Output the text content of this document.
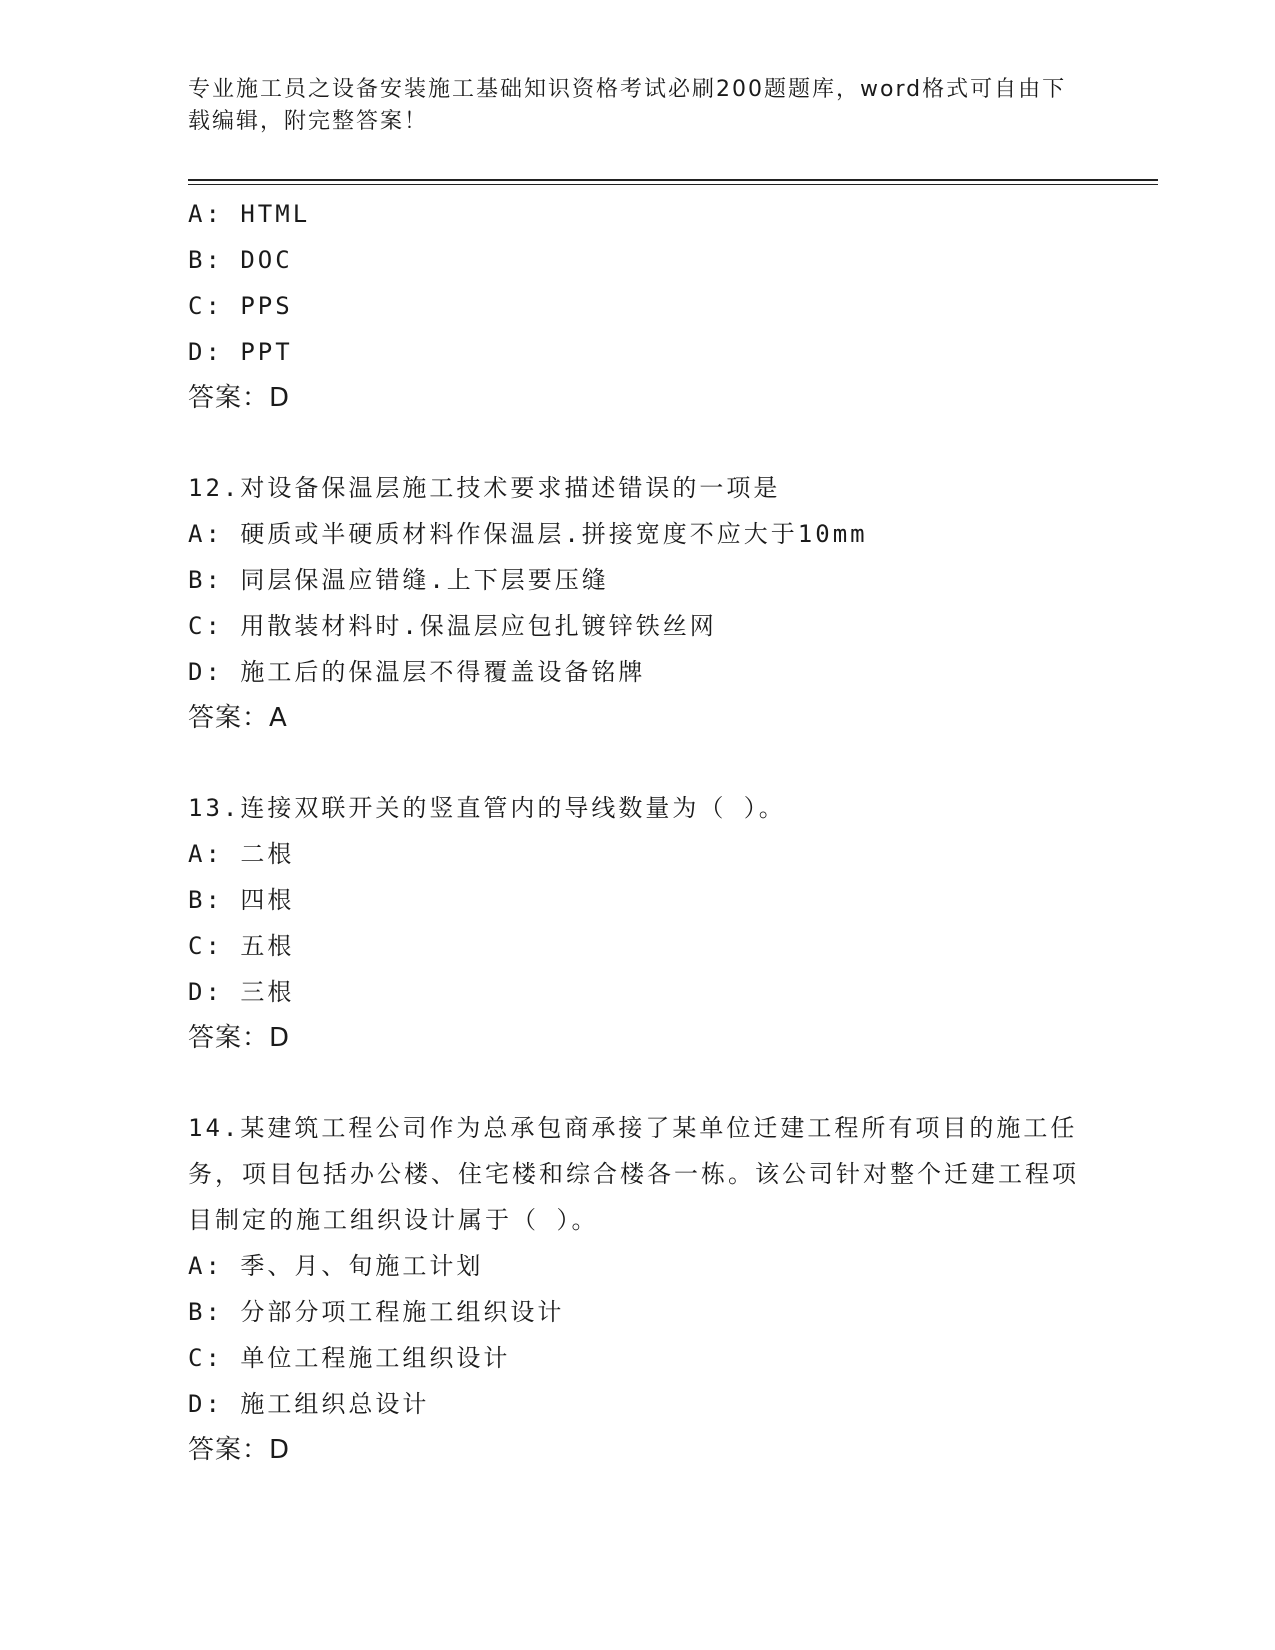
专业施工员之设备安装施工基础知识资格考试必刷200题题库，word格式可自由下载编辑，附完整答案！
A: HTML
B: DOC
C: PPS
D: PPT
答案：D
12.对设备保温层施工技术要求描述错误的一项是
A: 硬质或半硬质材料作保温层.拼接宽度不应大于10mm
B: 同层保温应错缝.上下层要压缝
C: 用散装材料时.保温层应包扎镀锌铁丝网
D: 施工后的保温层不得覆盖设备铭牌
答案：A
13.连接双联开关的竖直管内的导线数量为（ ）。
A: 二根
B: 四根
C: 五根
D: 三根
答案：D
14.某建筑工程公司作为总承包商承接了某单位迁建工程所有项目的施工任务，项目包括办公楼、住宅楼和综合楼各一栋。该公司针对整个迁建工程项目制定的施工组织设计属于（ ）。
A: 季、月、旬施工计划
B: 分部分项工程施工组织设计
C: 单位工程施工组织设计
D: 施工组织总设计
答案：D
